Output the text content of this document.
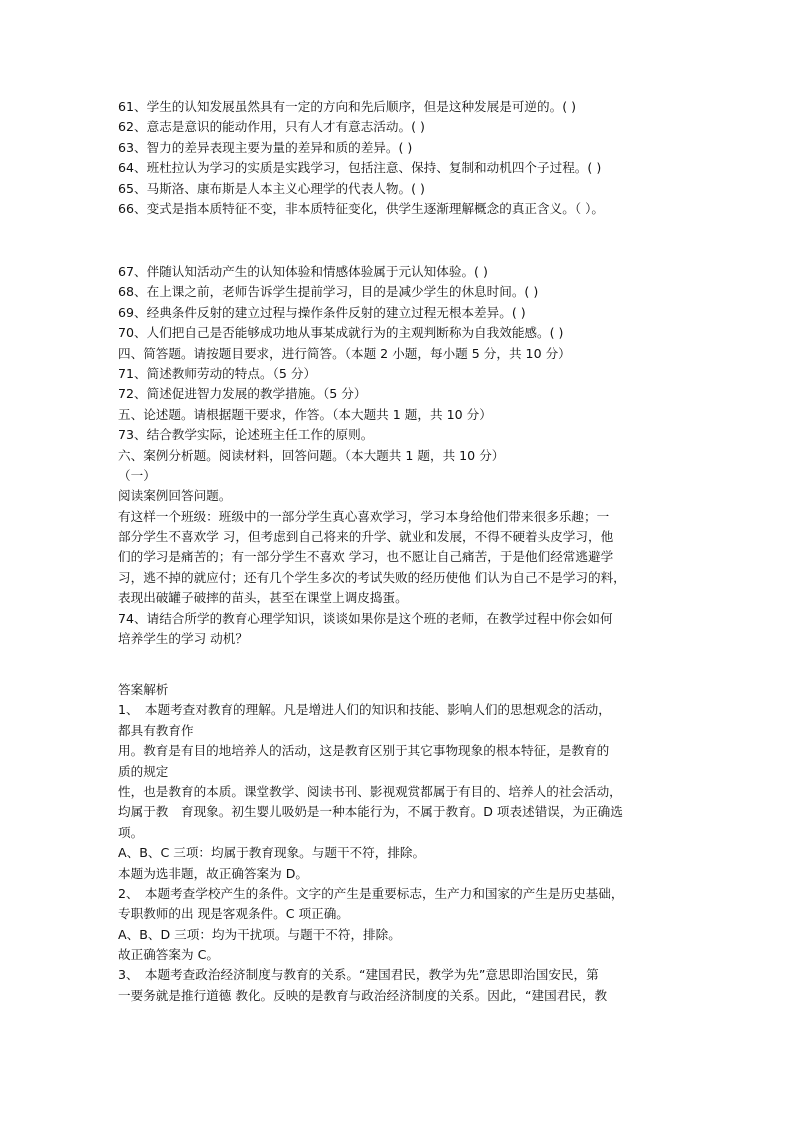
61、学生的认知发展虽然具有一定的方向和先后顺序，但是这种发展是可逆的。( )
62、意志是意识的能动作用，只有人才有意志活动。( )
63、智力的差异表现主要为量的差异和质的差异。( )
64、班杜拉认为学习的实质是实践学习，包括注意、保持、复制和动机四个子过程。( )
65、马斯洛、康布斯是人本主义心理学的代表人物。( )
66、变式是指本质特征不变，非本质特征变化，供学生逐渐理解概念的真正含义。（ ）。
67、伴随认知活动产生的认知体验和情感体验属于元认知体验。( )
68、在上课之前，老师告诉学生提前学习，目的是减少学生的休息时间。( )
69、经典条件反射的建立过程与操作条件反射的建立过程无根本差异。( )
70、人们把自己是否能够成功地从事某成就行为的主观判断称为自我效能感。( )
四、简答题。请按题目要求，进行简答。（本题 2 小题，每小题 5 分，共 10 分）
71、简述教师劳动的特点。（5 分）
72、简述促进智力发展的教学措施。（5 分）
五、论述题。请根据题干要求，作答。（本大题共 1 题，共 10 分）
73、结合教学实际，论述班主任工作的原则。
六、案例分析题。阅读材料，回答问题。（本大题共 1 题，共 10 分）
（一）
阅读案例回答问题。
有这样一个班级：班级中的一部分学生真心喜欢学习，学习本身给他们带来很多乐趣；一
部分学生不喜欢学 习，但考虑到自己将来的升学、就业和发展，不得不硬着头皮学习，他
们的学习是痛苦的；有一部分学生不喜欢 学习，也不愿让自己痛苦，于是他们经常逃避学
习，逃不掉的就应付；还有几个学生多次的考试失败的经历使他 们认为自己不是学习的料，
表现出破罐子破摔的苗头，甚至在课堂上调皮捣蛋。
74、请结合所学的教育心理学知识，谈谈如果你是这个班的老师，在教学过程中你会如何
培养学生的学习 动机？
答案解析
1、　本题考查对教育的理解。凡是增进人们的知识和技能、影响人们的思想观念的活动，
都具有教育作
用。教育是有目的地培养人的活动，这是教育区别于其它事物现象的根本特征，是教育的
质的规定
性，也是教育的本质。课堂教学、阅读书刊、影视观赏都属于有目的、培养人的社会活动，
均属于教　育现象。初生婴儿吸奶是一种本能行为，不属于教育。D 项表述错误，为正确选
项。
A、B、C 三项：均属于教育现象。与题干不符，排除。
本题为选非题，故正确答案为 D。
2、　本题考查学校产生的条件。文字的产生是重要标志，生产力和国家的产生是历史基础，
专职教师的出 现是客观条件。C 项正确。
A、B、D 三项：均为干扰项。与题干不符，排除。
故正确答案为 C。
3、　本题考查政治经济制度与教育的关系。“建国君民，教学为先”意思即治国安民，第
一要务就是推行道德 教化。反映的是教育与政治经济制度的关系。因此，“建国君民，教
